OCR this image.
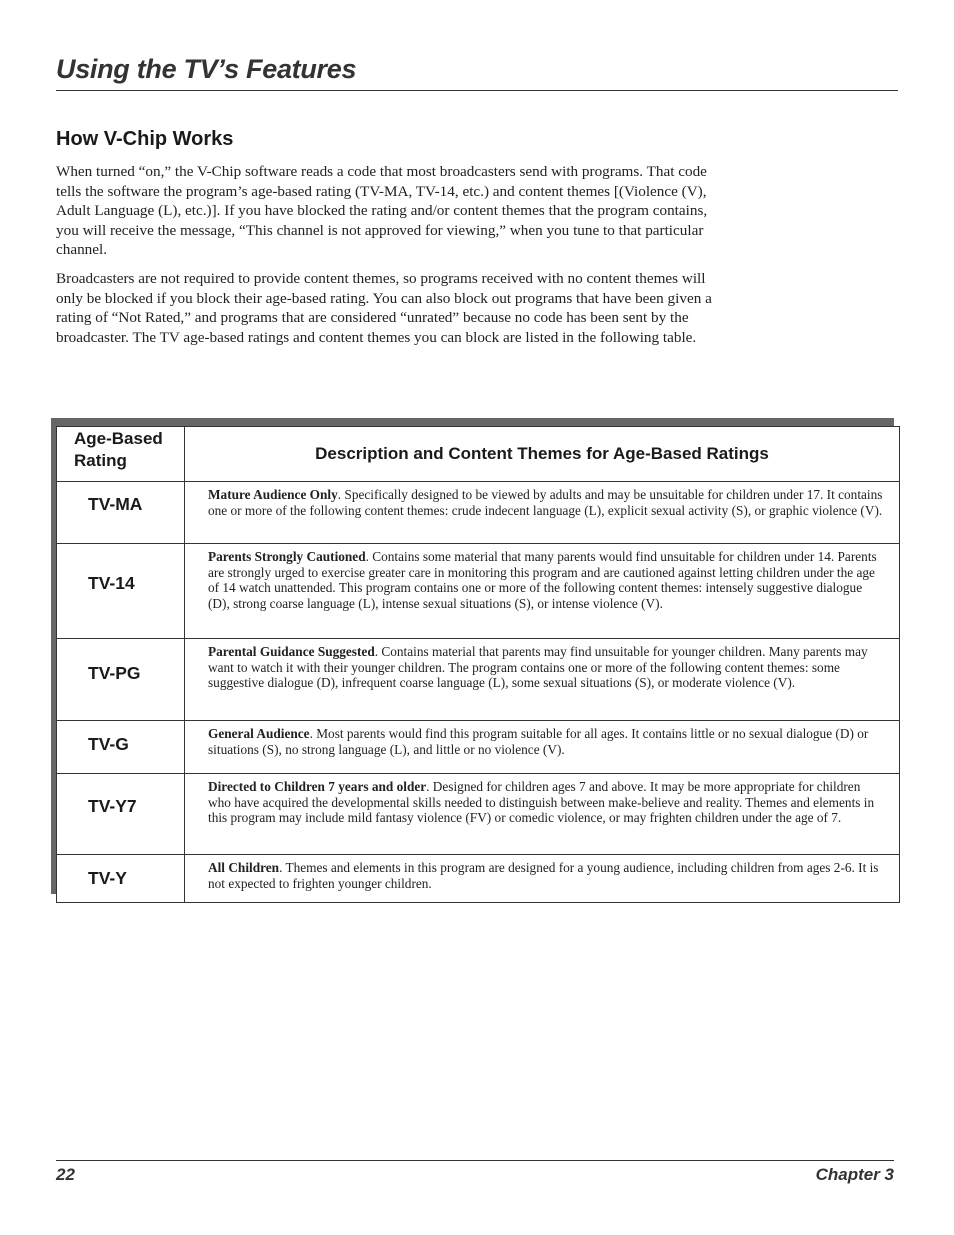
Using the TV’s Features
How V-Chip Works

When turned “on,” the V-Chip software reads a code that most broadcasters send with programs. That code tells the software the program’s age-based rating (TV-MA, TV-14, etc.) and content themes [(Violence (V), Adult Language (L), etc.)]. If you have blocked the rating and/or content themes that the program contains, you will receive the message, “This channel is not approved for viewing,” when you tune to that particular channel.

Broadcasters are not required to provide content themes, so programs received with no content themes will only be blocked if you block their age-based rating. You can also block out programs that have been given a rating of “Not Rated,” and programs that are considered “unrated” because no code has been sent by the broadcaster. The TV age-based ratings and content themes you can block are listed in the following table.

Age-Based Rating	Description and Content Themes for Age-Based Ratings
TV-MA	Mature Audience Only. Specifically designed to be viewed by adults and may be unsuitable for children under 17. It contains one or more of the following content themes: crude indecent language (L), explicit sexual activity (S), or graphic violence (V).
TV-14	Parents Strongly Cautioned. Contains some material that many parents would find unsuitable for children under 14. Parents are strongly urged to exercise greater care in monitoring this program and are cautioned against letting children under the age of 14 watch unattended. This program contains one or more of the following content themes: intensely suggestive dialogue (D), strong coarse language (L), intense sexual situations (S), or intense violence (V).
TV-PG	Parental Guidance Suggested. Contains material that parents may find unsuitable for younger children. Many parents may want to watch it with their younger children. The program contains one or more of the following content themes: some suggestive dialogue (D), infrequent coarse language (L), some sexual situations (S), or moderate violence (V).
TV-G	General Audience. Most parents would find this program suitable for all ages. It contains little or no sexual dialogue (D) or situations (S), no strong language (L), and little or no violence (V).
TV-Y7	Directed to Children 7 years and older. Designed for children ages 7 and above. It may be more appropriate for children who have acquired the developmental skills needed to distinguish between make-believe and reality. Themes and elements in this program may include mild fantasy violence (FV) or comedic violence, or may frighten children under the age of 7.
TV-Y	All Children. Themes and elements in this program are designed for a young audience, including children from ages 2-6. It is not expected to frighten younger children.
22	Chapter 3
